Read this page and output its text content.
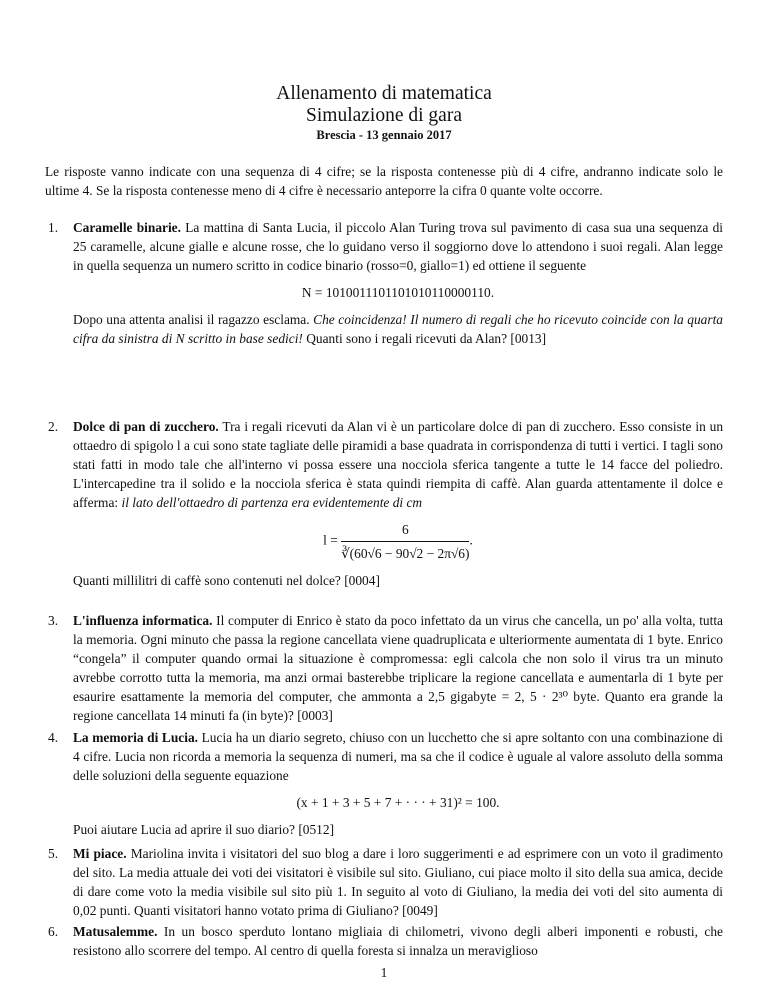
Allenamento di matematica
Simulazione di gara
Brescia - 13 gennaio 2017
Le risposte vanno indicate con una sequenza di 4 cifre; se la risposta contenesse più di 4 cifre, andranno indicate solo le ultime 4. Se la risposta contenesse meno di 4 cifre è necessario anteporre la cifra 0 quante volte occorre.
1. Caramelle binarie. La mattina di Santa Lucia, il piccolo Alan Turing trova sul pavimento di casa sua una sequenza di 25 caramelle, alcune gialle e alcune rosse, che lo guidano verso il soggiorno dove lo attendono i suoi regali. Alan legge in quella sequenza un numero scritto in codice binario (rosso=0, giallo=1) ed ottiene il seguente

N = 1010011101101010110000110.

Dopo una attenta analisi il ragazzo esclama. Che coincidenza! Il numero di regali che ho ricevuto coincide con la quarta cifra da sinistra di N scritto in base sedici! Quanti sono i regali ricevuti da Alan? [0013]

2. Dolce di pan di zucchero. Tra i regali ricevuti da Alan vi è un particolare dolce di pan di zucchero. Esso consiste in un ottaedro di spigolo l a cui sono state tagliate delle piramidi a base quadrata in corrispondenza di tutti i vertici. I tagli sono stati fatti in modo tale che all'interno vi possa essere una nocciola sferica tangente a tutte le 14 facce del poliedro. L'intercapedine tra il solido e la nocciola sferica è stata quindi riempita di caffè. Alan guarda attentamente il dolce e afferma: il lato dell'ottaedro di partenza era evidentemente di cm

$l = \frac{6}{∛(60√6 - 90√2 - 2\pi√6)}$ .

Quanti millilitri di caffè sono contenuti nel dolce? [0004]

3. L'influenza informatica. Il computer di Enrico è stato da poco infettato da un virus che cancella, un po' alla volta, tutta la memoria. Ogni minuto che passa la regione cancellata viene quadruplicata e ulteriormente aumentata di 1 byte. Enrico “congela” il computer quando ormai la situazione è compromessa: egli calcola che non solo il virus tra un minuto avrebbe corrotto tutta la memoria, ma anzi ormai basterebbe triplicare la regione cancellata e aumentarla di 1 byte per esaurire esattamente la memoria del computer, che ammonta a 2,5 gigabyte = 2, 5 · 2³⁰ byte. Quanto era grande la regione cancellata 14 minuti fa (in byte)? [0003]

4. La memoria di Lucia. Lucia ha un diario segreto, chiuso con un lucchetto che si apre soltanto con una combinazione di 4 cifre. Lucia non ricorda a memoria la sequenza di numeri, ma sa che il codice è uguale al valore assoluto della somma delle soluzioni della seguente equazione

(x + 1 + 3 + 5 + 7 + · · · + 31)² = 100.

Puoi aiutare Lucia ad aprire il suo diario? [0512]

5. Mi piace. Mariolina invita i visitatori del suo blog a dare i loro suggerimenti e ad esprimere con un voto il gradimento del sito. La media attuale dei voti dei visitatori è visibile sul sito. Giuliano, cui piace molto il sito della sua amica, decide di dare come voto la media visibile sul sito più 1. In seguito al voto di Giuliano, la media dei voti del sito aumenta di 0,02 punti. Quanti visitatori hanno votato prima di Giuliano? [0049]

6. Matusalemme. In un bosco sperduto lontano migliaia di chilometri, vivono degli alberi imponenti e robusti, che resistono allo scorrere del tempo. Al centro di quella foresta si innalza un meraviglioso

1
